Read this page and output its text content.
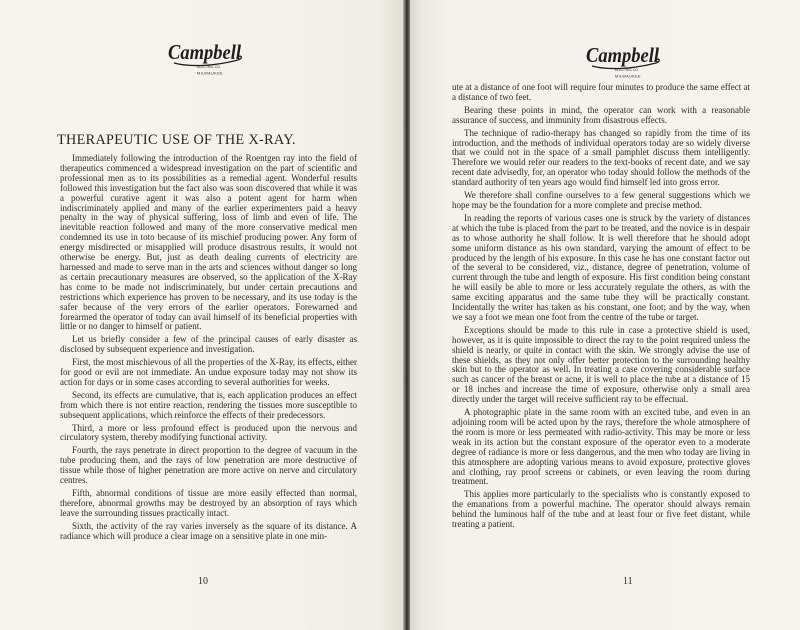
Campbell
ELECTRIC CO.
MILWAUKEE
THERAPEUTIC USE OF THE X-RAY.

Immediately following the introduction of the Roentgen ray into the field of therapeutics commenced a widespread investigation on the part of scientific and professional men as to its possibilities as a remedial agent. Wonderful results followed this investigation but the fact also was soon discovered that while it was a powerful curative agent it was also a potent agent for harm when indiscriminately applied and many of the earlier experimenters paid a heavy penalty in the way of physical suffering, loss of limb and even of life. The inevitable reaction followed and many of the more conservative medical men condemned its use in toto because of its mischief producing power. Any form of energy misdirected or misapplied will produce disastrous results, it would not otherwise be energy. But, just as death dealing currents of electricity are harnessed and made to serve man in the arts and sciences without danger so long as certain precautionary measures are observed, so the application of the X-Ray has come to be made not indiscriminately, but under certain precautions and restrictions which experience has proven to be necessary, and its use today is the safer because of the very errors of the earlier operators. Forewarned and forearmed the operator of today can avail himself of its beneficial properties with little or no danger to himself or patient.

Let us briefly consider a few of the principal causes of early disaster as disclosed by subsequent experience and investigation.

First, the most mischievous of all the properties of the X-Ray, its effects, either for good or evil are not immediate. An undue exposure today may not show its action for days or in some cases according to several authorities for weeks.

Second, its effects are cumulative, that is, each application produces an effect from which there is not entire reaction, rendering the tissues more susceptible to subsequent applications, which reinforce the effects of their predecessors.

Third, a more or less profound effect is produced upon the nervous and circulatory system, thereby modifying functional activity.

Fourth, the rays penetrate in direct proportion to the degree of vacuum in the tube producing them, and the rays of low penetration are more destructive of tissue while those of higher penetration are more active on nerve and circulatory centres.

Fifth, abnormal conditions of tissue are more easily effected than normal, therefore, abnormal growths may be destroyed by an absorption of rays which leave the surrounding tissues practically intact.

Sixth, the activity of the ray varies inversely as the square of its distance. A radiance which will produce a clear image on a sensitive plate in one min-

10
Campbell
ELECTRIC CO.
MILWAUKEE

ute at a distance of one foot will require four minutes to produce the same effect at a distance of two feet.

Bearing these points in mind, the operator can work with a reasonable assurance of success, and immunity from disastrous effects.

The technique of radio-therapy has changed so rapidly from the time of its introduction, and the methods of individual operators today are so widely diverse that we could not in the space of a small pamphlet discuss them intelligently. Therefore we would refer our readers to the text-books of recent date, and we say recent date advisedly, for, an operator who today should follow the methods of the standard authority of ten years ago would find himself led into gross error.

We therefore shall confine ourselves to a few general suggestions which we hope may be the foundation for a more complete and precise method.

In reading the reports of various cases one is struck by the variety of distances at which the tube is placed from the part to be treated, and the novice is in despair as to whose authority he shall follow. It is well therefore that he should adopt some uniform distance as his own standard, varying the amount of effect to be produced by the length of his exposure. In this case he has one constant factor out of the several to be considered, viz., distance, degree of penetration, volume of current through the tube and length of exposure. His first condition being constant he will easily be able to more or less accurately regulate the others, as with the same exciting apparatus and the same tube they will be practically constant. Incidentally the writer has taken as his constant, one foot; and by the way, when we say a foot we mean one foot from the centre of the tube or target.

Exceptions should be made to this rule in case a protective shield is used, however, as it is quite impossible to direct the ray to the point required unless the shield is nearly, or quite in contact with the skin. We strongly advise the use of these shields, as they not only offer better protection to the surrounding healthy skin but to the operator as well. In treating a case covering considerable surface such as cancer of the breast or acne, it is well to place the tube at a distance of 15 or 18 inches and increase the time of exposure, otherwise only a small area directly under the target will receive sufficient ray to be effectual.

A photographic plate in the same room with an excited tube, and even in an adjoining room will be acted upon by the rays, therefore the whole atmosphere of the room is more or less permeated with radio-activity. This may be more or less weak in its action but the constant exposure of the operator even to a moderate degree of radiance is more or less dangerous, and the men who today are living in this atmosphere are adopting various means to avoid exposure, protective gloves and clothing, ray proof screens or cabinets, or even leaving the room during treatment.

This applies more particularly to the specialists who is constantly exposed to the emanations from a powerful machine. The operator should always remain behind the luminous half of the tube and at least four or five feet distant, while treating a patient.

11
